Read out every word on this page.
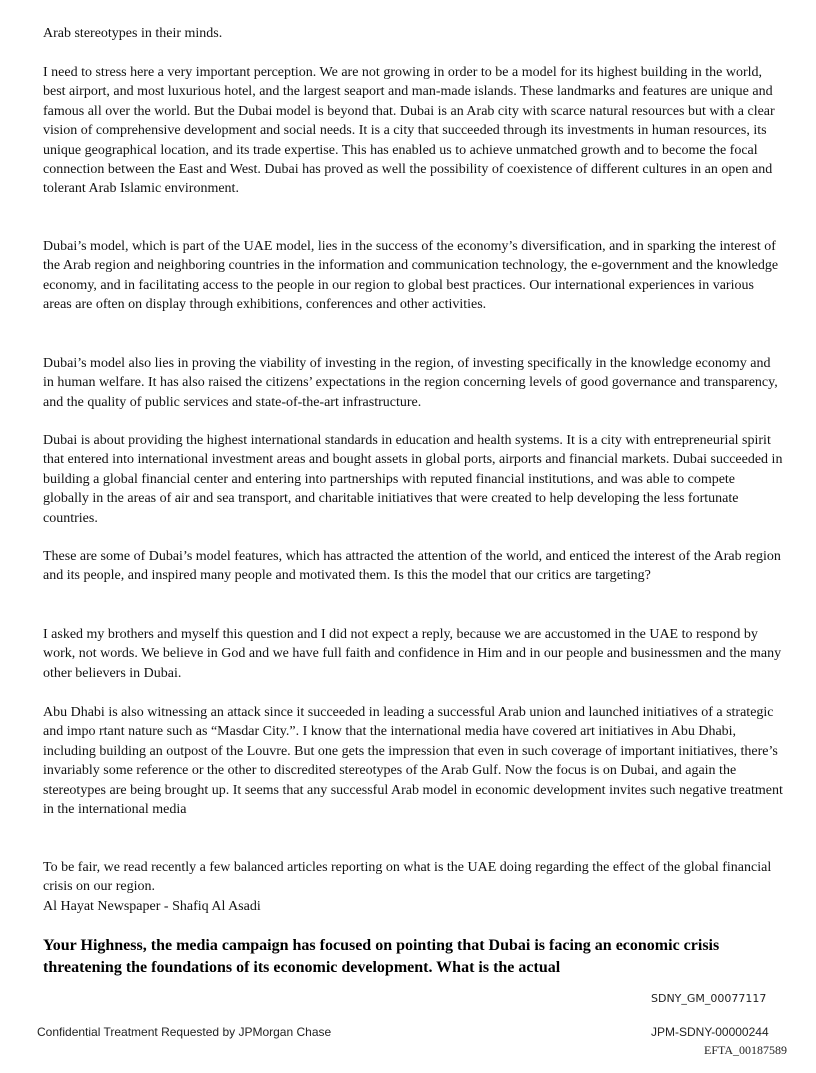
Arab stereotypes in their minds.

I need to stress here a very important perception. We are not growing in order to be a model for its highest building in the world, best airport, and most luxurious hotel, and the largest seaport and man-made islands. These landmarks and features are unique and famous all over the world. But the Dubai model is beyond that. Dubai is an Arab city with scarce natural resources but with a clear vision of comprehensive development and social needs. It is a city that succeeded through its investments in human resources, its unique geographical location, and its trade expertise. This has enabled us to achieve unmatched growth and to become the focal connection between the East and West. Dubai has proved as well the possibility of coexistence of different cultures in an open and tolerant Arab Islamic environment.

Dubai’s model, which is part of the UAE model, lies in the success of the economy’s diversification, and in sparking the interest of the Arab region and neighboring countries in the information and communication technology, the e-government and the knowledge economy, and in facilitating access to the people in our region to global best practices. Our international experiences in various areas are often on display through exhibitions, conferences and other activities.

Dubai’s model also lies in proving the viability of investing in the region, of investing specifically in the knowledge economy and in human welfare. It has also raised the citizens’ expectations in the region concerning levels of good governance and transparency, and the quality of public services and state-of-the-art infrastructure.

Dubai is about providing the highest international standards in education and health systems. It is a city with entrepreneurial spirit that entered into international investment areas and bought assets in global ports, airports and financial markets. Dubai succeeded in building a global financial center and entering into partnerships with reputed financial institutions, and was able to compete globally in the areas of air and sea transport, and charitable initiatives that were created to help developing the less fortunate countries.

These are some of Dubai’s model features, which has attracted the attention of the world, and enticed the interest of the Arab region and its people, and inspired many people and motivated them. Is this the model that our critics are targeting?

I asked my brothers and myself this question and I did not expect a reply, because we are accustomed in the UAE to respond by work, not words. We believe in God and we have full faith and confidence in Him and in our people and businessmen and the many other believers in Dubai.

Abu Dhabi is also witnessing an attack since it succeeded in leading a successful Arab union and launched initiatives of a strategic and impo rtant nature such as “Masdar City.”. I know that the international media have covered art initiatives in Abu Dhabi, including building an outpost of the Louvre. But one gets the impression that even in such coverage of important initiatives, there’s invariably some reference or the other to discredited stereotypes of the Arab Gulf. Now the focus is on Dubai, and again the stereotypes are being brought up. It seems that any successful Arab model in economic development invites such negative treatment in the international media

To be fair, we read recently a few balanced articles reporting on what is the UAE doing regarding the effect of the global financial crisis on our region.

Al Hayat Newspaper - Shafiq Al Asadi

Your Highness, the media campaign has focused on pointing that Dubai is facing an economic crisis threatening the foundations of its economic development. What is the actual

SDNY_GM_00077117
Confidential Treatment Requested by JPMorgan Chase	JPM-SDNY-00000244
EFTA_00187589
